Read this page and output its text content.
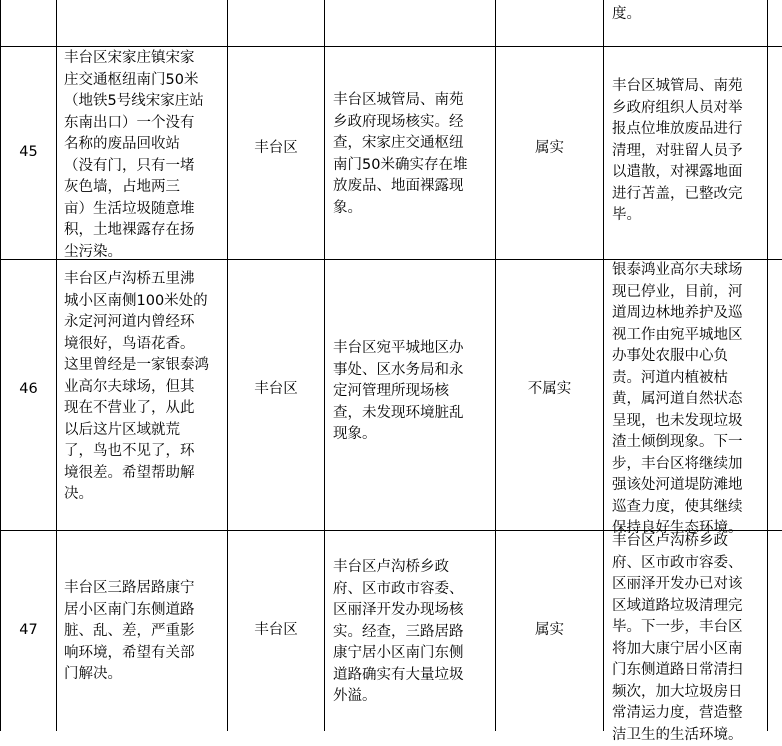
度。
45
丰台区宋家庄镇宋家
庄交通枢纽南门50米
（地铁5号线宋家庄站
东南出口）一个没有
名称的废品回收站
（没有门，只有一堵
灰色墙，占地两三
亩）生活垃圾随意堆
积，土地裸露存在扬
尘污染。
丰台区
丰台区城管局、南苑
乡政府现场核实。经
查，宋家庄交通枢纽
南门50米确实存在堆
放废品、地面裸露现
象。
属实
丰台区城管局、南苑
乡政府组织人员对举
报点位堆放废品进行
清理，对驻留人员予
以遣散，对裸露地面
进行苫盖，已整改完
毕。
46
丰台区卢沟桥五里沸
城小区南侧100米处的
永定河河道内曾经环
境很好，鸟语花香。
这里曾经是一家银泰鸿
业高尔夫球场，但其
现在不营业了，从此
以后这片区域就荒
了，鸟也不见了，环
境很差。希望帮助解
决。
丰台区
丰台区宛平城地区办
事处、区水务局和永
定河管理所现场核
查，未发现环境脏乱
现象。
不属实
银泰鸿业高尔夫球场
现已停业，目前，河
道周边林地养护及巡
视工作由宛平城地区
办事处农服中心负
责。河道内植被枯
黄，属河道自然状态
呈现，也未发现垃圾
渣土倾倒现象。下一
步，丰台区将继续加
强该处河道堤防滩地
巡查力度，使其继续
保持良好生态环境。
47
丰台区三路居路康宁
居小区南门东侧道路
脏、乱、差，严重影
响环境，希望有关部
门解决。
丰台区
丰台区卢沟桥乡政
府、区市政市容委、
区丽泽开发办现场核
实。经查，三路居路
康宁居小区南门东侧
道路确实有大量垃圾
外溢。
属实
丰台区卢沟桥乡政
府、区市政市容委、
区丽泽开发办已对该
区域道路垃圾清理完
毕。下一步，丰台区
将加大康宁居小区南
门东侧道路日常清扫
频次，加大垃圾房日
常清运力度，营造整
洁卫生的生活环境。
